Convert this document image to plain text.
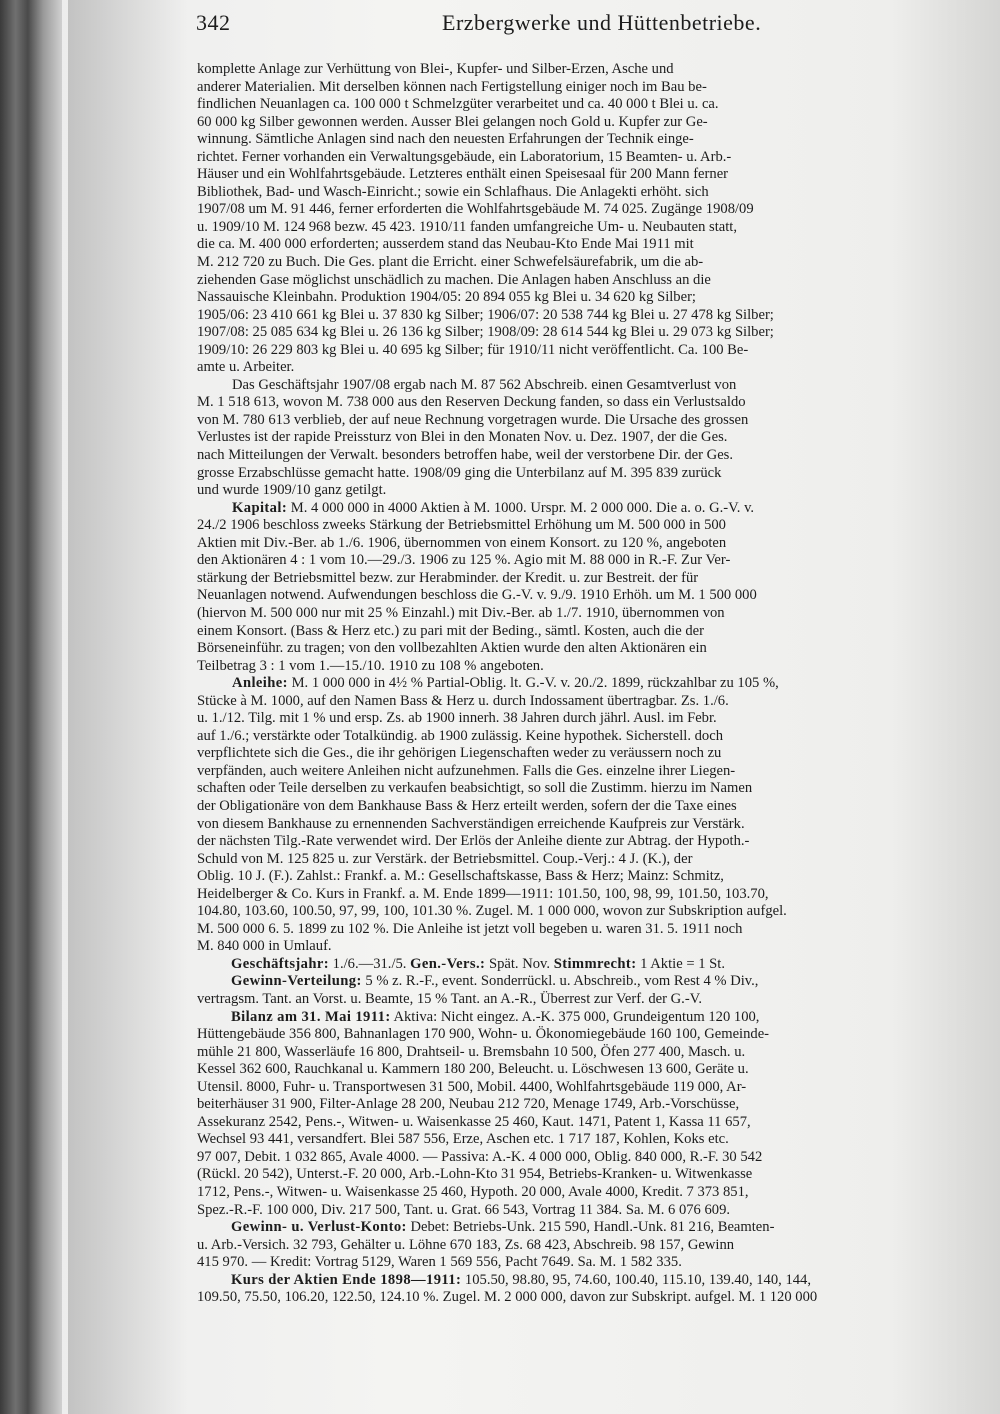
342	Erzbergwerke und Hüttenbetriebe.
komplette Anlage zur Verhüttung von Blei-, Kupfer- und Silber-Erzen, Asche und
anderer Materialien. Mit derselben können nach Fertigstellung einiger noch im Bau be-
findlichen Neuanlagen ca. 100 000 t Schmelzgüter verarbeitet und ca. 40 000 t Blei u. ca.
60 000 kg Silber gewonnen werden. Ausser Blei gelangen noch Gold u. Kupfer zur Ge-
winnung. Sämtliche Anlagen sind nach den neuesten Erfahrungen der Technik einge-
richtet. Ferner vorhanden ein Verwaltungsgebäude, ein Laboratorium, 15 Beamten- u. Arb.-
Häuser und ein Wohlfahrtsgebäude. Letzteres enthält einen Speisesaal für 200 Mann ferner
Bibliothek, Bad- und Wasch-Einricht.; sowie ein Schlafhaus. Die Anlagekti erhöht. sich
1907/08 um M. 91 446, ferner erforderten die Wohlfahrtsgebäude M. 74 025. Zugänge 1908/09
u. 1909/10 M. 124 968 bezw. 45 423. 1910/11 fanden umfangreiche Um- u. Neubauten statt,
die ca. M. 400 000 erforderten; ausserdem stand das Neubau-Kto Ende Mai 1911 mit
M. 212 720 zu Buch. Die Ges. plant die Erricht. einer Schwefelsäurefabrik, um die ab-
ziehenden Gase möglichst unschädlich zu machen. Die Anlagen haben Anschluss an die
Nassauische Kleinbahn. Produktion 1904/05: 20 894 055 kg Blei u. 34 620 kg Silber;
1905/06: 23 410 661 kg Blei u. 37 830 kg Silber; 1906/07: 20 538 744 kg Blei u. 27 478 kg Silber;
1907/08: 25 085 634 kg Blei u. 26 136 kg Silber; 1908/09: 28 614 544 kg Blei u. 29 073 kg Silber;
1909/10: 26 229 803 kg Blei u. 40 695 kg Silber; für 1910/11 nicht veröffentlicht. Ca. 100 Be-
amte u. Arbeiter.
Das Geschäftsjahr 1907/08 ergab nach M. 87 562 Abschreib. einen Gesamtverlust von
M. 1 518 613, wovon M. 738 000 aus den Reserven Deckung fanden, so dass ein Verlustsaldo
von M. 780 613 verblieb, der auf neue Rechnung vorgetragen wurde. Die Ursache des grossen
Verlustes ist der rapide Preissturz von Blei in den Monaten Nov. u. Dez. 1907, der die Ges.
nach Mitteilungen der Verwalt. besonders betroffen habe, weil der verstorbene Dir. der Ges.
grosse Erzabschlüsse gemacht hatte. 1908/09 ging die Unterbilanz auf M. 395 839 zurück
und wurde 1909/10 ganz getilgt.
Kapital: M. 4 000 000 in 4000 Aktien à M. 1000. Urspr. M. 2 000 000. Die a. o. G.-V. v.
24./2 1906 beschloss zweeks Stärkung der Betriebsmittel Erhöhung um M. 500 000 in 500
Aktien mit Div.-Ber. ab 1./6. 1906, übernommen von einem Konsort. zu 120 %, angeboten
den Aktionären 4 : 1 vom 10.—29./3. 1906 zu 125 %. Agio mit M. 88 000 in R.-F. Zur Ver-
stärkung der Betriebsmittel bezw. zur Herabminder. der Kredit. u. zur Bestreit. der für
Neuanlagen notwend. Aufwendungen beschloss die G.-V. v. 9./9. 1910 Erhöh. um M. 1 500 000
(hiervon M. 500 000 nur mit 25 % Einzahl.) mit Div.-Ber. ab 1./7. 1910, übernommen von
einem Konsort. (Bass & Herz etc.) zu pari mit der Beding., sämtl. Kosten, auch die der
Börseneinführ. zu tragen; von den vollbezahlten Aktien wurde den alten Aktionären ein
Teilbetrag 3 : 1 vom 1.—15./10. 1910 zu 108 % angeboten.
Anleihe: M. 1 000 000 in 4½ % Partial-Oblig. lt. G.-V. v. 20./2. 1899, rückzahlbar zu 105 %,
Stücke à M. 1000, auf den Namen Bass & Herz u. durch Indossament übertragbar. Zs. 1./6.
u. 1./12. Tilg. mit 1 % und ersp. Zs. ab 1900 innerh. 38 Jahren durch jährl. Ausl. im Febr.
auf 1./6.; verstärkte oder Totalkündig. ab 1900 zulässig. Keine hypothek. Sicherstell. doch
verpflichtete sich die Ges., die ihr gehörigen Liegenschaften weder zu veräussern noch zu
verpfänden, auch weitere Anleihen nicht aufzunehmen. Falls die Ges. einzelne ihrer Liegen-
schaften oder Teile derselben zu verkaufen beabsichtigt, so soll die Zustimm. hierzu im Namen
der Obligationäre von dem Bankhause Bass & Herz erteilt werden, sofern der die Taxe eines
von diesem Bankhause zu ernennenden Sachverständigen erreichende Kaufpreis zur Verstärk.
der nächsten Tilg.-Rate verwendet wird. Der Erlös der Anleihe diente zur Abtrag. der Hypoth.-
Schuld von M. 125 825 u. zur Verstärk. der Betriebsmittel. Coup.-Verj.: 4 J. (K.), der
Oblig. 10 J. (F.). Zahlst.: Frankf. a. M.: Gesellschaftskasse, Bass & Herz; Mainz: Schmitz,
Heidelberger & Co. Kurs in Frankf. a. M. Ende 1899—1911: 101.50, 100, 98, 99, 101.50, 103.70,
104.80, 103.60, 100.50, 97, 99, 100, 101.30 %. Zugel. M. 1 000 000, wovon zur Subskription aufgel.
M. 500 000 6. 5. 1899 zu 102 %. Die Anleihe ist jetzt voll begeben u. waren 31. 5. 1911 noch
M. 840 000 in Umlauf.
Geschäftsjahr: 1./6.—31./5. Gen.-Vers.: Spät. Nov. Stimmrecht: 1 Aktie = 1 St.
Gewinn-Verteilung: 5 % z. R.-F., event. Sonderrückl. u. Abschreib., vom Rest 4 % Div.,
vertragsm. Tant. an Vorst. u. Beamte, 15 % Tant. an A.-R., Überrest zur Verf. der G.-V.
Bilanz am 31. Mai 1911: Aktiva: Nicht eingez. A.-K. 375 000, Grundeigentum 120 100,
Hüttengebäude 356 800, Bahnanlagen 170 900, Wohn- u. Ökonomiegebäude 160 100, Gemeinde-
mühle 21 800, Wasserläufe 16 800, Drahtseil- u. Bremsbahn 10 500, Öfen 277 400, Masch. u.
Kessel 362 600, Rauchkanal u. Kammern 180 200, Beleucht. u. Löschwesen 13 600, Geräte u.
Utensil. 8000, Fuhr- u. Transportwesen 31 500, Mobil. 4400, Wohlfahrtsgebäude 119 000, Ar-
beiterhäuser 31 900, Filter-Anlage 28 200, Neubau 212 720, Menage 1749, Arb.-Vorschüsse,
Assekuranz 2542, Pens.-, Witwen- u. Waisenkasse 25 460, Kaut. 1471, Patent 1, Kassa 11 657,
Wechsel 93 441, versandfert. Blei 587 556, Erze, Aschen etc. 1 717 187, Kohlen, Koks etc.
97 007, Debit. 1 032 865, Avale 4000. — Passiva: A.-K. 4 000 000, Oblig. 840 000, R.-F. 30 542
(Rückl. 20 542), Unterst.-F. 20 000, Arb.-Lohn-Kto 31 954, Betriebs-Kranken- u. Witwenkasse
1712, Pens.-, Witwen- u. Waisenkasse 25 460, Hypoth. 20 000, Avale 4000, Kredit. 7 373 851,
Spez.-R.-F. 100 000, Div. 217 500, Tant. u. Grat. 66 543, Vortrag 11 384. Sa. M. 6 076 609.
Gewinn- u. Verlust-Konto: Debet: Betriebs-Unk. 215 590, Handl.-Unk. 81 216, Beamten-
u. Arb.-Versich. 32 793, Gehälter u. Löhne 670 183, Zs. 68 423, Abschreib. 98 157, Gewinn
415 970. — Kredit: Vortrag 5129, Waren 1 569 556, Pacht 7649. Sa. M. 1 582 335.
Kurs der Aktien Ende 1898—1911: 105.50, 98.80, 95, 74.60, 100.40, 115.10, 139.40, 140, 144,
109.50, 75.50, 106.20, 122.50, 124.10 %. Zugel. M. 2 000 000, davon zur Subskript. aufgel. M. 1 120 000
